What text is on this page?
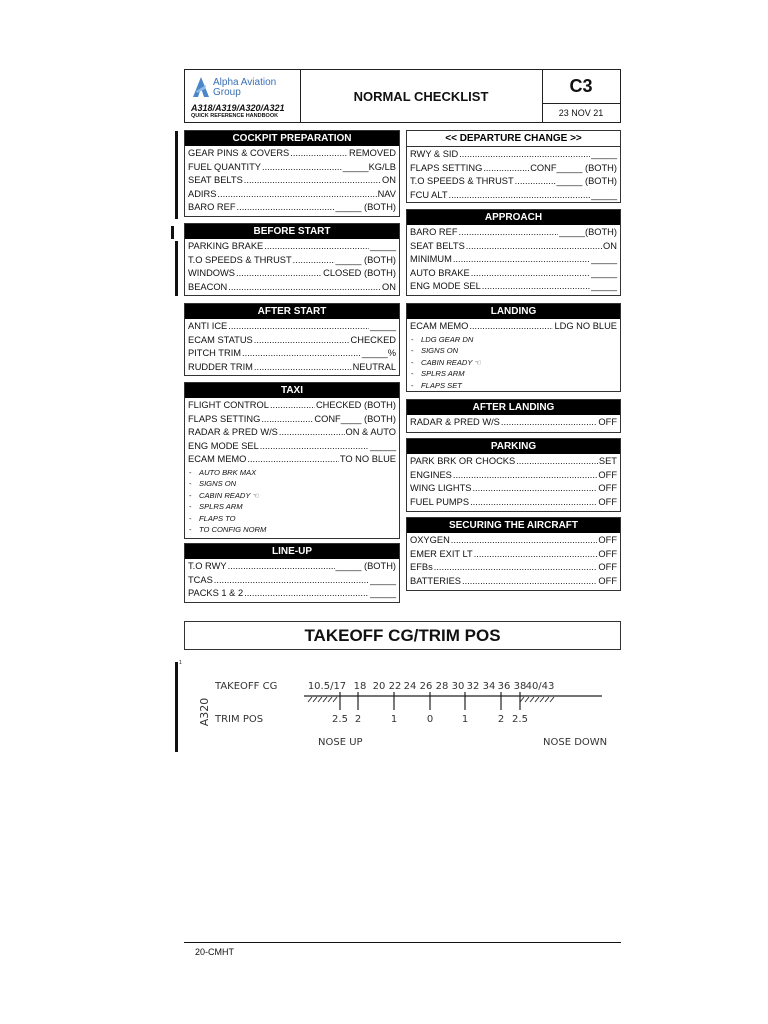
Alpha Aviation
Group
A318/A319/A320/A321
QUICK REFERENCE HANDBOOK
NORMAL CHECKLIST	C3
23 NOV 21
1
COCKPIT PREPARATION
GEAR PINS & COVERS .....	REMOVED
FUEL QUANTITY .....	_____KG/LB
SEAT BELTS .....	ON
ADIRS .....	NAV
BARO REF .....	_____ (BOTH)
BEFORE START
PARKING BRAKE .....	_____
T.O SPEEDS & THRUST .....	_____ (BOTH)
WINDOWS .....	CLOSED (BOTH)
BEACON .....	ON
AFTER START
ANTI ICE .....	_____
ECAM STATUS .....	CHECKED
PITCH TRIM .....	_____%
RUDDER TRIM .....	NEUTRAL
TAXI
FLIGHT CONTROL .....	CHECKED (BOTH)
FLAPS SETTING .....	CONF____ (BOTH)
RADAR & PRED W/S .....	ON & AUTO
ENG MODE SEL .....	_____
ECAM MEMO .....	TO NO BLUE
- AUTO BRK MAX
- SIGNS ON
- CABIN READY ☜
- SPLRS ARM
- FLAPS TO
- TO CONFIG NORM
LINE-UP
T.O RWY .....	_____ (BOTH)
TCAS .....	_____
PACKS 1 & 2 .....	_____
<< DEPARTURE CHANGE >>
RWY & SID .....	_____
FLAPS SETTING .....	CONF_____ (BOTH)
T.O SPEEDS & THRUST .....	_____ (BOTH)
FCU ALT .....	_____
APPROACH
BARO REF .....	_____(BOTH)
SEAT BELTS .....	ON
MINIMUM .....	_____
AUTO BRAKE .....	_____
ENG MODE SEL .....	_____
LANDING
ECAM MEMO .....	LDG NO BLUE
- LDG GEAR DN
- SIGNS ON
- CABIN READY ☜
- SPLRS ARM
- FLAPS SET
AFTER LANDING
RADAR & PRED W/S .....	OFF
PARKING
PARK BRK OR CHOCKS .....	SET
ENGINES .....	OFF
WING LIGHTS .....	OFF
FUEL PUMPS .....	OFF
SECURING THE AIRCRAFT
OXYGEN .....	OFF
EMER EXIT LT .....	OFF
EFBs .....	OFF
BATTERIES .....	OFF
TAKEOFF CG/TRIM POS
A320
TAKEOFF CG
TRIM POS
10.5/17 18 20 22 24 26 28 30 32 34 36 38 40/43
2.5 2	1	0	1	2 2.5
NOSE UP	NOSE DOWN
20-CMHT
